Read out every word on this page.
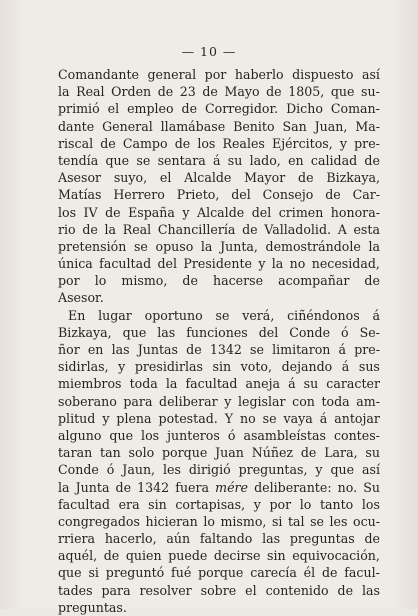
— 10 —
Comandante general por haberlo dispuesto así
la Real Orden de 23 de Mayo de 1805, que su-
primió el empleo de Corregidor. Dicho Coman-
dante General llamábase Benito San Juan, Ma-
riscal de Campo de los Reales Ejércitos, y pre-
tendía que se sentara á su lado, en calidad de
Asesor suyo, el Alcalde Mayor de Bizkaya,
Matías Herrero Prieto, del Consejo de Car-
los IV de España y Alcalde del crimen honora-
rio de la Real Chancillería de Valladolid. A esta
pretensión se opuso la Junta, demostrándole la
única facultad del Presidente y la no necesidad,
por lo mismo, de hacerse acompañar de
Asesor.
En lugar oportuno se verá, ciñéndonos á
Bizkaya, que las funciones del Conde ó Se-
ñor en las Juntas de 1342 se limitaron á pre-
sidirlas, y presidirlas sin voto, dejando á sus
miembros toda la facultad aneja á su caracter
soberano para deliberar y legislar con toda am-
plitud y plena potestad. Y no se vaya á antojar
alguno que los junteros ó asambleístas contes-
taran tan solo porque Juan Núñez de Lara, su
Conde ó Jaun, les dirigió preguntas, y que así
la Junta de 1342 fuera mére deliberante: no. Su
facultad era sin cortapisas, y por lo tanto los
congregados hicieran lo mismo, si tal se les ocu-
rriera hacerlo, aún faltando las preguntas de
aquél, de quien puede decirse sin equivocación,
que si preguntó fué porque carecía él de facul-
tades para resolver sobre el contenido de las
preguntas.
